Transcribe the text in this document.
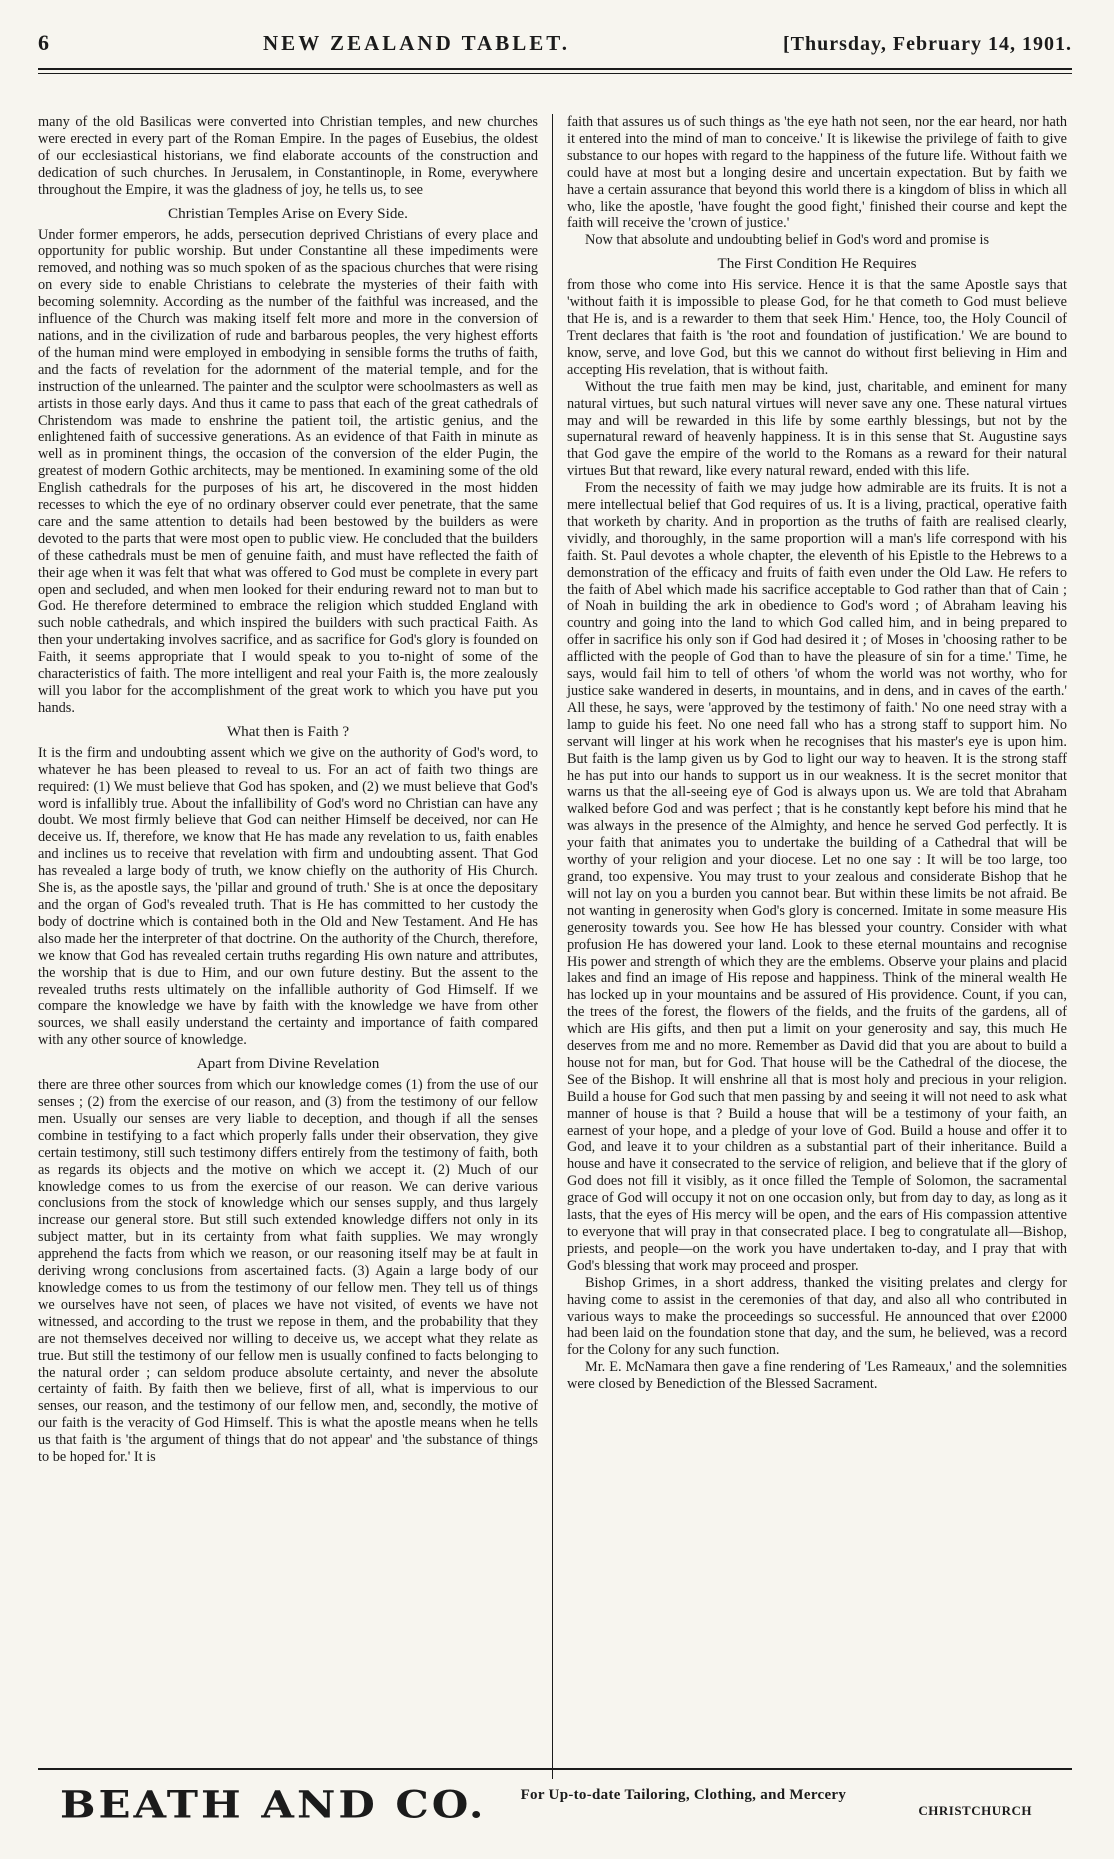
6	NEW ZEALAND TABLET.	[Thursday, February 14, 1901.

many of the old Basilicas were converted into Christian temples, and new churches were erected in every part of the Roman Empire. In the pages of Eusebius, the oldest of our ecclesiastical historians, we find elaborate accounts of the construction and dedication of such churches. In Jerusalem, in Constantinople, in Rome, everywhere throughout the Empire, it was the gladness of joy, he tells us, to see

Christian Temples Arise on Every Side.

Under former emperors, he adds, persecution deprived Christians of every place and opportunity for public worship. But under Constantine all these impediments were removed, and nothing was so much spoken of as the spacious churches that were rising on every side to enable Christians to celebrate the mysteries of their faith with becoming solemnity. According as the number of the faithful was increased, and the influence of the Church was making itself felt more and more in the conversion of nations, and in the civilization of rude and barbarous peoples, the very highest efforts of the human mind were employed in embodying in sensible forms the truths of faith, and the facts of revelation for the adornment of the material temple, and for the instruction of the unlearned. The painter and the sculptor were schoolmasters as well as artists in those early days. And thus it came to pass that each of the great cathedrals of Christendom was made to enshrine the patient toil, the artistic genius, and the enlightened faith of successive generations. As an evidence of that Faith in minute as well as in prominent things, the occasion of the conversion of the elder Pugin, the greatest of modern Gothic architects, may be mentioned. In examining some of the old English cathedrals for the purposes of his art, he discovered in the most hidden recesses to which the eye of no ordinary observer could ever penetrate, that the same care and the same attention to details had been bestowed by the builders as were devoted to the parts that were most open to public view. He concluded that the builders of these cathedrals must be men of genuine faith, and must have reflected the faith of their age when it was felt that what was offered to God must be complete in every part open and secluded, and when men looked for their enduring reward not to man but to God. He therefore determined to embrace the religion which studded England with such noble cathedrals, and which inspired the builders with such practical Faith. As then your undertaking involves sacrifice, and as sacrifice for God's glory is founded on Faith, it seems appropriate that I would speak to you to-night of some of the characteristics of faith. The more intelligent and real your Faith is, the more zealously will you labor for the accomplishment of the great work to which you have put you hands.

What then is Faith ?

It is the firm and undoubting assent which we give on the authority of God's word, to whatever he has been pleased to reveal to us. For an act of faith two things are required: (1) We must believe that God has spoken, and (2) we must believe that God's word is infallibly true. About the infallibility of God's word no Christian can have any doubt. We most firmly believe that God can neither Himself be deceived, nor can He deceive us. If, therefore, we know that He has made any revelation to us, faith enables and inclines us to receive that revelation with firm and undoubting assent. That God has revealed a large body of truth, we know chiefly on the authority of His Church. She is, as the apostle says, the 'pillar and ground of truth.' She is at once the depositary and the organ of God's revealed truth. That is He has committed to her custody the body of doctrine which is contained both in the Old and New Testament. And He has also made her the interpreter of that doctrine. On the authority of the Church, therefore, we know that God has revealed certain truths regarding His own nature and attributes, the worship that is due to Him, and our own future destiny. But the assent to the revealed truths rests ultimately on the infallible authority of God Himself. If we compare the knowledge we have by faith with the knowledge we have from other sources, we shall easily understand the certainty and importance of faith compared with any other source of knowledge.

Apart from Divine Revelation

there are three other sources from which our knowledge comes (1) from the use of our senses ; (2) from the exercise of our reason, and (3) from the testimony of our fellow men. Usually our senses are very liable to deception, and though if all the senses combine in testifying to a fact which properly falls under their observation, they give certain testimony, still such testimony differs entirely from the testimony of faith, both as regards its objects and the motive on which we accept it. (2) Much of our knowledge comes to us from the exercise of our reason. We can derive various conclusions from the stock of knowledge which our senses supply, and thus largely increase our general store. But still such extended knowledge differs not only in its subject matter, but in its certainty from what faith supplies. We may wrongly apprehend the facts from which we reason, or our reasoning itself may be at fault in deriving wrong conclusions from ascertained facts. (3) Again a large body of our knowledge comes to us from the testimony of our fellow men. They tell us of things we ourselves have not seen, of places we have not visited, of events we have not witnessed, and according to the trust we repose in them, and the probability that they are not themselves deceived nor willing to deceive us, we accept what they relate as true. But still the testimony of our fellow men is usually confined to facts belonging to the natural order ; can seldom produce absolute certainty, and never the absolute certainty of faith. By faith then we believe, first of all, what is impervious to our senses, our reason, and the testimony of our fellow men, and, secondly, the motive of our faith is the veracity of God Himself. This is what the apostle means when he tells us that faith is 'the argument of things that do not appear' and 'the substance of things to be hoped for.' It is

faith that assures us of such things as 'the eye hath not seen, nor the ear heard, nor hath it entered into the mind of man to conceive.' It is likewise the privilege of faith to give substance to our hopes with regard to the happiness of the future life. Without faith we could have at most but a longing desire and uncertain expectation. But by faith we have a certain assurance that beyond this world there is a kingdom of bliss in which all who, like the apostle, 'have fought the good fight,' finished their course and kept the faith will receive the 'crown of justice.'

Now that absolute and undoubting belief in God's word and promise is

The First Condition He Requires

from those who come into His service. Hence it is that the same Apostle says that 'without faith it is impossible to please God, for he that cometh to God must believe that He is, and is a rewarder to them that seek Him.' Hence, too, the Holy Council of Trent declares that faith is 'the root and foundation of justification.' We are bound to know, serve, and love God, but this we cannot do without first believing in Him and accepting His revelation, that is without faith.

Without the true faith men may be kind, just, charitable, and eminent for many natural virtues, but such natural virtues will never save any one. These natural virtues may and will be rewarded in this life by some earthly blessings, but not by the supernatural reward of heavenly happiness. It is in this sense that St. Augustine says that God gave the empire of the world to the Romans as a reward for their natural virtues But that reward, like every natural reward, ended with this life.

From the necessity of faith we may judge how admirable are its fruits. It is not a mere intellectual belief that God requires of us. It is a living, practical, operative faith that worketh by charity. And in proportion as the truths of faith are realised clearly, vividly, and thoroughly, in the same proportion will a man's life correspond with his faith. St. Paul devotes a whole chapter, the eleventh of his Epistle to the Hebrews to a demonstration of the efficacy and fruits of faith even under the Old Law. He refers to the faith of Abel which made his sacrifice acceptable to God rather than that of Cain ; of Noah in building the ark in obedience to God's word ; of Abraham leaving his country and going into the land to which God called him, and in being prepared to offer in sacrifice his only son if God had desired it ; of Moses in 'choosing rather to be afflicted with the people of God than to have the pleasure of sin for a time.' Time, he says, would fail him to tell of others 'of whom the world was not worthy, who for justice sake wandered in deserts, in mountains, and in dens, and in caves of the earth.' All these, he says, were 'approved by the testimony of faith.' No one need stray with a lamp to guide his feet. No one need fall who has a strong staff to support him. No servant will linger at his work when he recognises that his master's eye is upon him. But faith is the lamp given us by God to light our way to heaven. It is the strong staff he has put into our hands to support us in our weakness. It is the secret monitor that warns us that the all-seeing eye of God is always upon us. We are told that Abraham walked before God and was perfect ; that is he constantly kept before his mind that he was always in the presence of the Almighty, and hence he served God perfectly. It is your faith that animates you to undertake the building of a Cathedral that will be worthy of your religion and your diocese. Let no one say : It will be too large, too grand, too expensive. You may trust to your zealous and considerate Bishop that he will not lay on you a burden you cannot bear. But within these limits be not afraid. Be not wanting in generosity when God's glory is concerned. Imitate in some measure His generosity towards you. See how He has blessed your country. Consider with what profusion He has dowered your land. Look to these eternal mountains and recognise His power and strength of which they are the emblems. Observe your plains and placid lakes and find an image of His repose and happiness. Think of the mineral wealth He has locked up in your mountains and be assured of His providence. Count, if you can, the trees of the forest, the flowers of the fields, and the fruits of the gardens, all of which are His gifts, and then put a limit on your generosity and say, this much He deserves from me and no more. Remember as David did that you are about to build a house not for man, but for God. That house will be the Cathedral of the diocese, the See of the Bishop. It will enshrine all that is most holy and precious in your religion. Build a house for God such that men passing by and seeing it will not need to ask what manner of house is that ? Build a house that will be a testimony of your faith, an earnest of your hope, and a pledge of your love of God. Build a house and offer it to God, and leave it to your children as a substantial part of their inheritance. Build a house and have it consecrated to the service of religion, and believe that if the glory of God does not fill it visibly, as it once filled the Temple of Solomon, the sacramental grace of God will occupy it not on one occasion only, but from day to day, as long as it lasts, that the eyes of His mercy will be open, and the ears of His compassion attentive to everyone that will pray in that consecrated place. I beg to congratulate all—Bishop, priests, and people—on the work you have undertaken to-day, and I pray that with God's blessing that work may proceed and prosper.

Bishop Grimes, in a short address, thanked the visiting prelates and clergy for having come to assist in the ceremonies of that day, and also all who contributed in various ways to make the proceedings so successful. He announced that over £2000 had been laid on the foundation stone that day, and the sum, he believed, was a record for the Colony for any such function.

Mr. E. McNamara then gave a fine rendering of 'Les Rameaux,' and the solemnities were closed by Benediction of the Blessed Sacrament.

BEATH AND CO. For Up-to-date Tailoring, Clothing, and Mercery
CHRISTCHURCH
